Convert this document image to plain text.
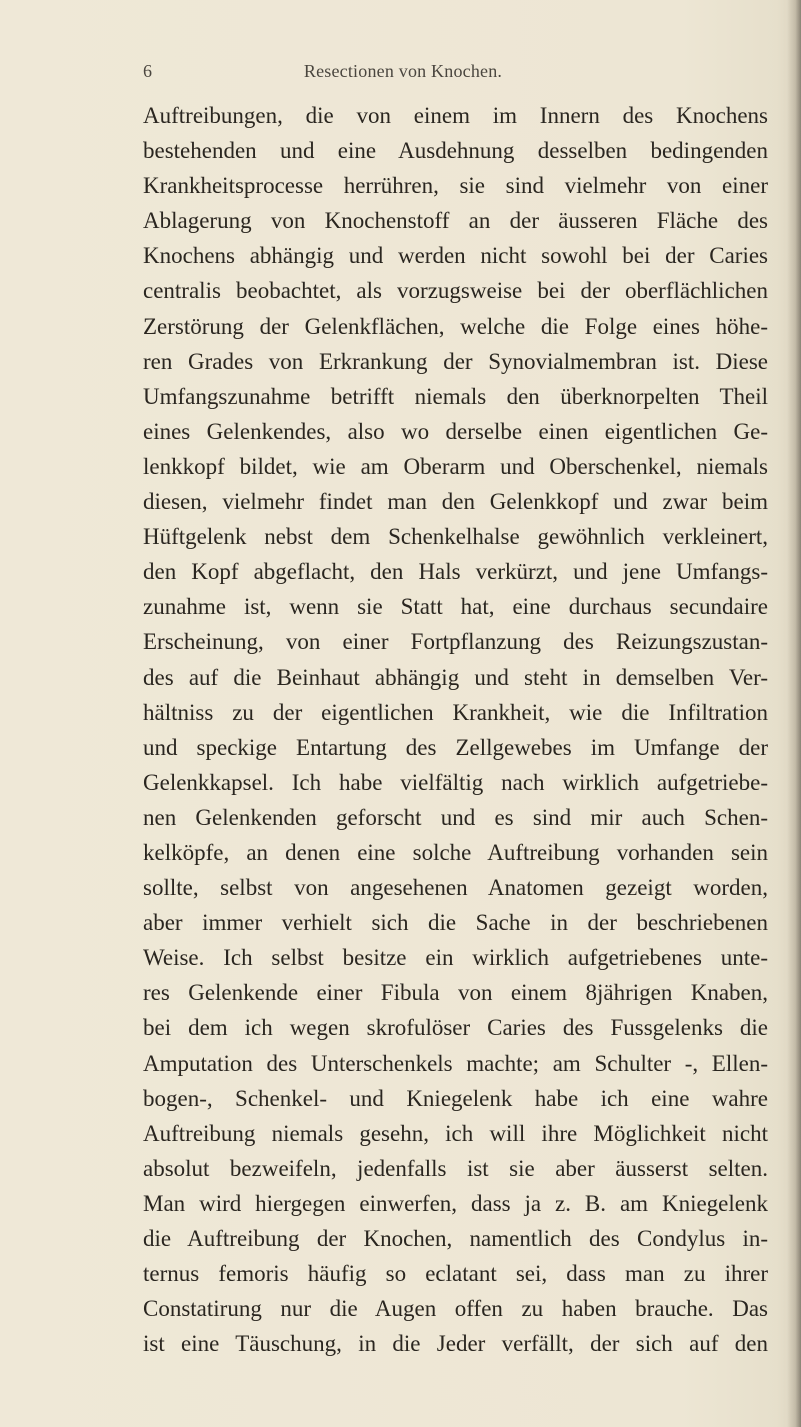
6	Resectionen von Knochen.
Auftreibungen, die von einem im Innern des Knochens
bestehenden und eine Ausdehnung desselben bedingenden
Krankheitsprocesse herrühren, sie sind vielmehr von einer
Ablagerung von Knochenstoff an der äusseren Fläche des
Knochens abhängig und werden nicht sowohl bei der Caries
centralis beobachtet, als vorzugsweise bei der oberflächlichen
Zerstörung der Gelenkflächen, welche die Folge eines höhe-
ren Grades von Erkrankung der Synovialmembran ist. Diese
Umfangszunahme betrifft niemals den überknorpelten Theil
eines Gelenkendes, also wo derselbe einen eigentlichen Ge-
lenkkopf bildet, wie am Oberarm und Oberschenkel, niemals
diesen, vielmehr findet man den Gelenkkopf und zwar beim
Hüftgelenk nebst dem Schenkelhalse gewöhnlich verkleinert,
den Kopf abgeflacht, den Hals verkürzt, und jene Umfangs-
zunahme ist, wenn sie Statt hat, eine durchaus secundaire
Erscheinung, von einer Fortpflanzung des Reizungszustan-
des auf die Beinhaut abhängig und steht in demselben Ver-
hältniss zu der eigentlichen Krankheit, wie die Infiltration
und speckige Entartung des Zellgewebes im Umfange der
Gelenkkapsel. Ich habe vielfältig nach wirklich aufgetriebe-
nen Gelenkenden geforscht und es sind mir auch Schen-
kelköpfe, an denen eine solche Auftreibung vorhanden sein
sollte, selbst von angesehenen Anatomen gezeigt worden,
aber immer verhielt sich die Sache in der beschriebenen
Weise. Ich selbst besitze ein wirklich aufgetriebenes unte-
res Gelenkende einer Fibula von einem 8jährigen Knaben,
bei dem ich wegen skrofulöser Caries des Fussgelenks die
Amputation des Unterschenkels machte; am Schulter -, Ellen-
bogen-, Schenkel- und Kniegelenk habe ich eine wahre
Auftreibung niemals gesehn, ich will ihre Möglichkeit nicht
absolut bezweifeln, jedenfalls ist sie aber äusserst selten.
Man wird hiergegen einwerfen, dass ja z. B. am Kniegelenk
die Auftreibung der Knochen, namentlich des Condylus in-
ternus femoris häufig so eclatant sei, dass man zu ihrer
Constatirung nur die Augen offen zu haben brauche. Das
ist eine Täuschung, in die Jeder verfällt, der sich auf den
